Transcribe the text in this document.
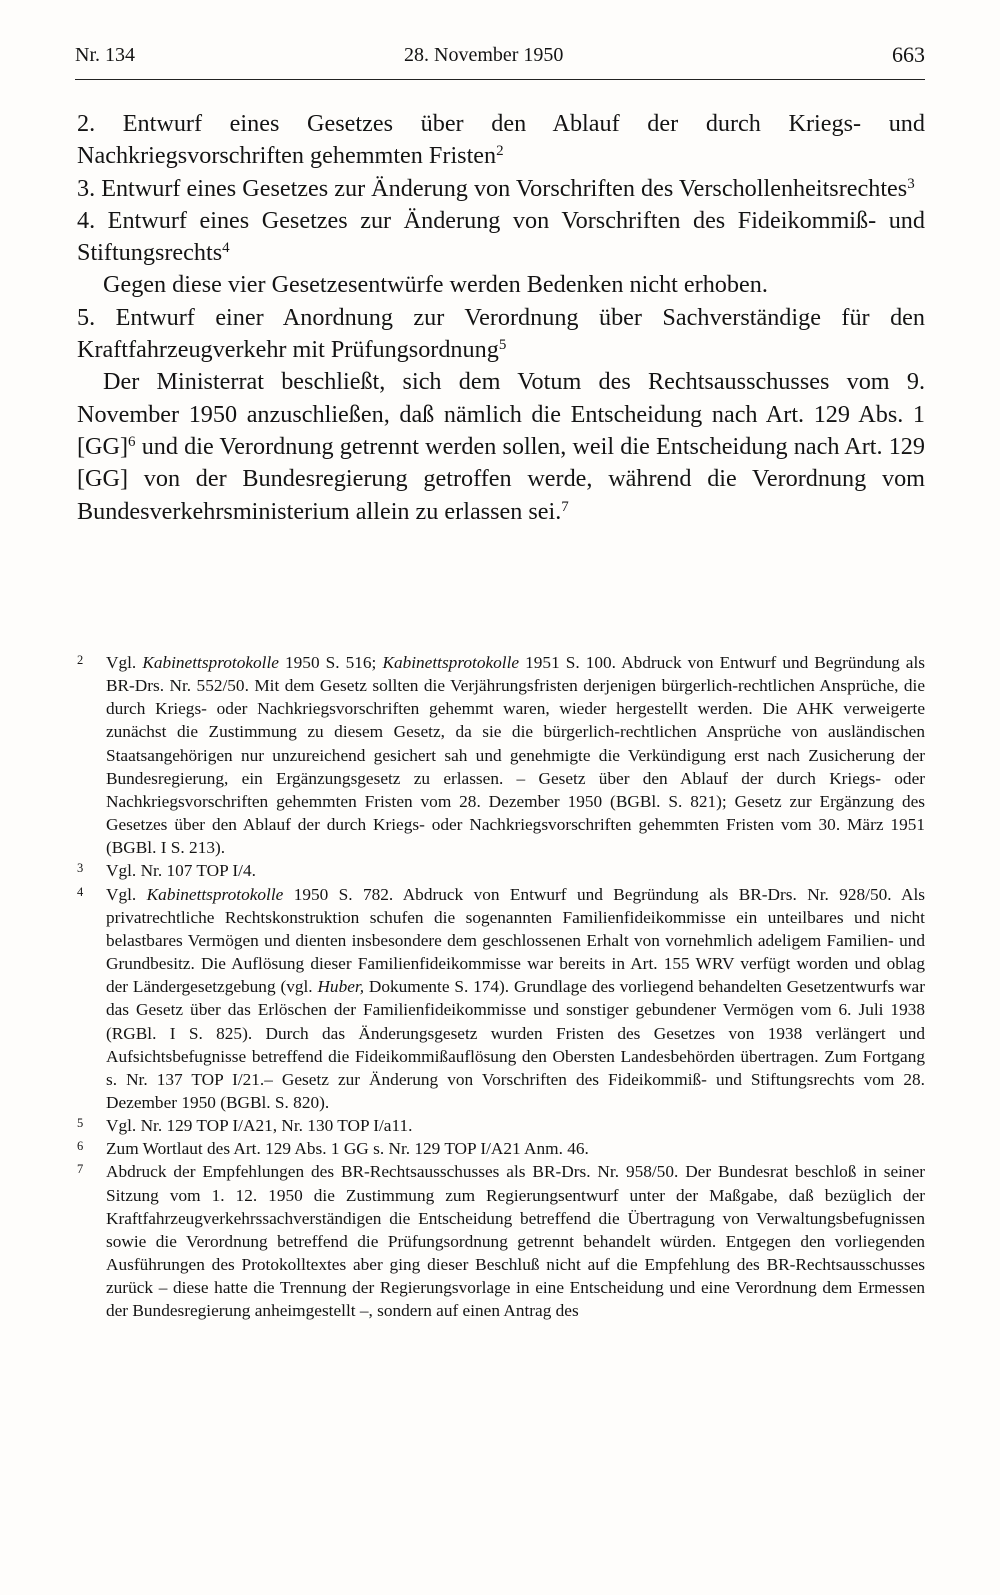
Nr. 134	28. November 1950	663

2. Entwurf eines Gesetzes über den Ablauf der durch Kriegs- und Nachkriegsvorschriften gehemmten Fristen$^2$

3. Entwurf eines Gesetzes zur Änderung von Vorschriften des Verschollenheitsrechtes$^3$

4. Entwurf eines Gesetzes zur Änderung von Vorschriften des Fideikommiß- und Stiftungsrechts$^4$

Gegen diese vier Gesetzesentwürfe werden Bedenken nicht erhoben.

5. Entwurf einer Anordnung zur Verordnung über Sachverständige für den Kraftfahrzeugverkehr mit Prüfungsordnung$^5$

Der Ministerrat beschließt, sich dem Votum des Rechtsausschusses vom 9. November 1950 anzuschließen, daß nämlich die Entscheidung nach Art. 129 Abs. 1 [GG]$^6$ und die Verordnung getrennt werden sollen, weil die Entscheidung nach Art. 129 [GG] von der Bundesregierung getroffen werde, während die Verordnung vom Bundesverkehrsministerium allein zu erlassen sei.$^7$

2 Vgl. Kabinettsprotokolle 1950 S. 516; Kabinettsprotokolle 1951 S. 100. Abdruck von Entwurf und Begründung als BR-Drs. Nr. 552/50. Mit dem Gesetz sollten die Verjährungsfristen derjenigen bürgerlich-rechtlichen Ansprüche, die durch Kriegs- oder Nachkriegsvorschriften gehemmt waren, wieder hergestellt werden. Die AHK verweigerte zunächst die Zustimmung zu diesem Gesetz, da sie die bürgerlich-rechtlichen Ansprüche von ausländischen Staatsangehörigen nur unzureichend gesichert sah und genehmigte die Verkündigung erst nach Zusicherung der Bundesregierung, ein Ergänzungsgesetz zu erlassen. – Gesetz über den Ablauf der durch Kriegs- oder Nachkriegsvorschriften gehemmten Fristen vom 28. Dezember 1950 (BGBl. S. 821); Gesetz zur Ergänzung des Gesetzes über den Ablauf der durch Kriegs- oder Nachkriegsvorschriften gehemmten Fristen vom 30. März 1951 (BGBl. I S. 213).
3 Vgl. Nr. 107 TOP I/4.
4 Vgl. Kabinettsprotokolle 1950 S. 782. Abdruck von Entwurf und Begründung als BR-Drs. Nr. 928/50. Als privatrechtliche Rechtskonstruktion schufen die sogenannten Familienfideikommisse ein unteilbares und nicht belastbares Vermögen und dienten insbesondere dem geschlossenen Erhalt von vornehmlich adeligem Familien- und Grundbesitz. Die Auflösung dieser Familienfideikommisse war bereits in Art. 155 WRV verfügt worden und oblag der Ländergesetzgebung (vgl. Huber, Dokumente S. 174). Grundlage des vorliegend behandelten Gesetzentwurfs war das Gesetz über das Erlöschen der Familienfideikommisse und sonstiger gebundener Vermögen vom 6. Juli 1938 (RGBl. I S. 825). Durch das Änderungsgesetz wurden Fristen des Gesetzes von 1938 verlängert und Aufsichtsbefugnisse betreffend die Fideikommißauflösung den Obersten Landesbehörden übertragen. Zum Fortgang s. Nr. 137 TOP I/21.– Gesetz zur Änderung von Vorschriften des Fideikommiß- und Stiftungsrechts vom 28. Dezember 1950 (BGBl. S. 820).
5 Vgl. Nr. 129 TOP I/A21, Nr. 130 TOP I/a11.
6 Zum Wortlaut des Art. 129 Abs. 1 GG s. Nr. 129 TOP I/A21 Anm. 46.
7 Abdruck der Empfehlungen des BR-Rechtsausschusses als BR-Drs. Nr. 958/50. Der Bundesrat beschloß in seiner Sitzung vom 1. 12. 1950 die Zustimmung zum Regierungsentwurf unter der Maßgabe, daß bezüglich der Kraftfahrzeugverkehrssachverständigen die Entscheidung betreffend die Übertragung von Verwaltungsbefugnissen sowie die Verordnung betreffend die Prüfungsordnung getrennt behandelt würden. Entgegen den vorliegenden Ausführungen des Protokolltextes aber ging dieser Beschluß nicht auf die Empfehlung des BR-Rechtsausschusses zurück – diese hatte die Trennung der Regierungsvorlage in eine Entscheidung und eine Verordnung dem Ermessen der Bundesregierung anheimgestellt –, sondern auf einen Antrag des
